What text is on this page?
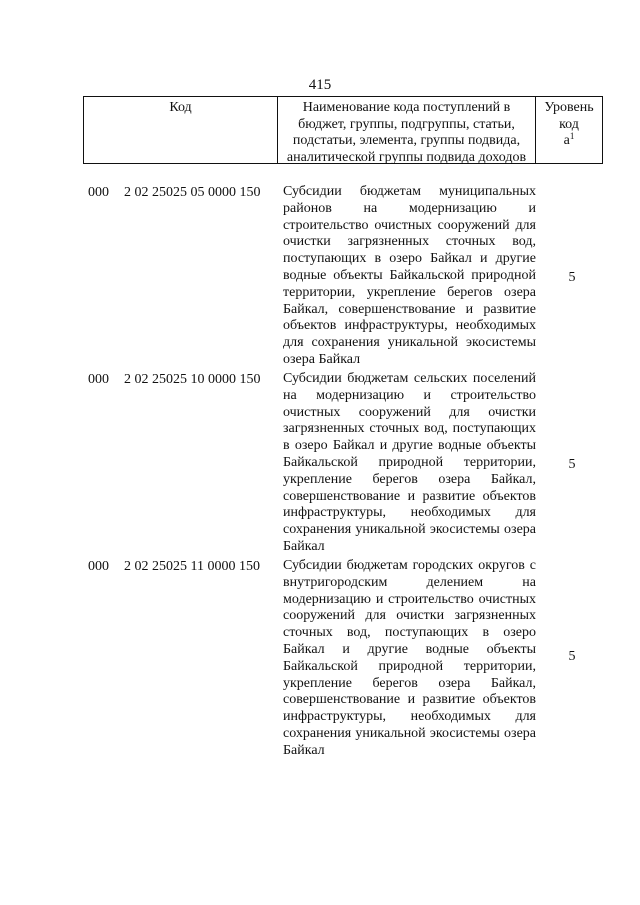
415
Код	Наименование кода поступлений в бюджет, группы, подгруппы, статьи, подстатьи, элемента, группы подвида, аналитической группы подвида доходов
Уровень код
$а^1$
000 2 02 25025 05 0000 150 Субсидии бюджетам муниципальных районов на модернизацию и строительство очистных сооружений для очистки загрязненных сточных вод, поступающих в озеро Байкал и другие водные объекты Байкальской природной территории, укрепление берегов озера Байкал, совершенствование и развитие объектов инфраструктуры, необходимых для сохранения уникальной экосистемы озера Байкал
5
000 2 02 25025 10 0000 150 Субсидии бюджетам сельских поселений на модернизацию и строительство очистных сооружений для очистки загрязненных сточных вод, поступающих в озеро Байкал и другие водные объекты Байкальской природной территории, укрепление берегов озера Байкал, совершенствование и развитие объектов инфраструктуры, необходимых для сохранения уникальной экосистемы озера Байкал
5
000 2 02 25025 11 0000 150 Субсидии бюджетам городских округов с внутригородским делением на модернизацию и строительство очистных сооружений для очистки загрязненных сточных вод, поступающих в озеро Байкал и другие водные объекты Байкальской природной территории, укрепление берегов озера Байкал, совершенствование и развитие объектов инфраструктуры, необходимых для сохранения уникальной экосистемы озера Байкал
5
